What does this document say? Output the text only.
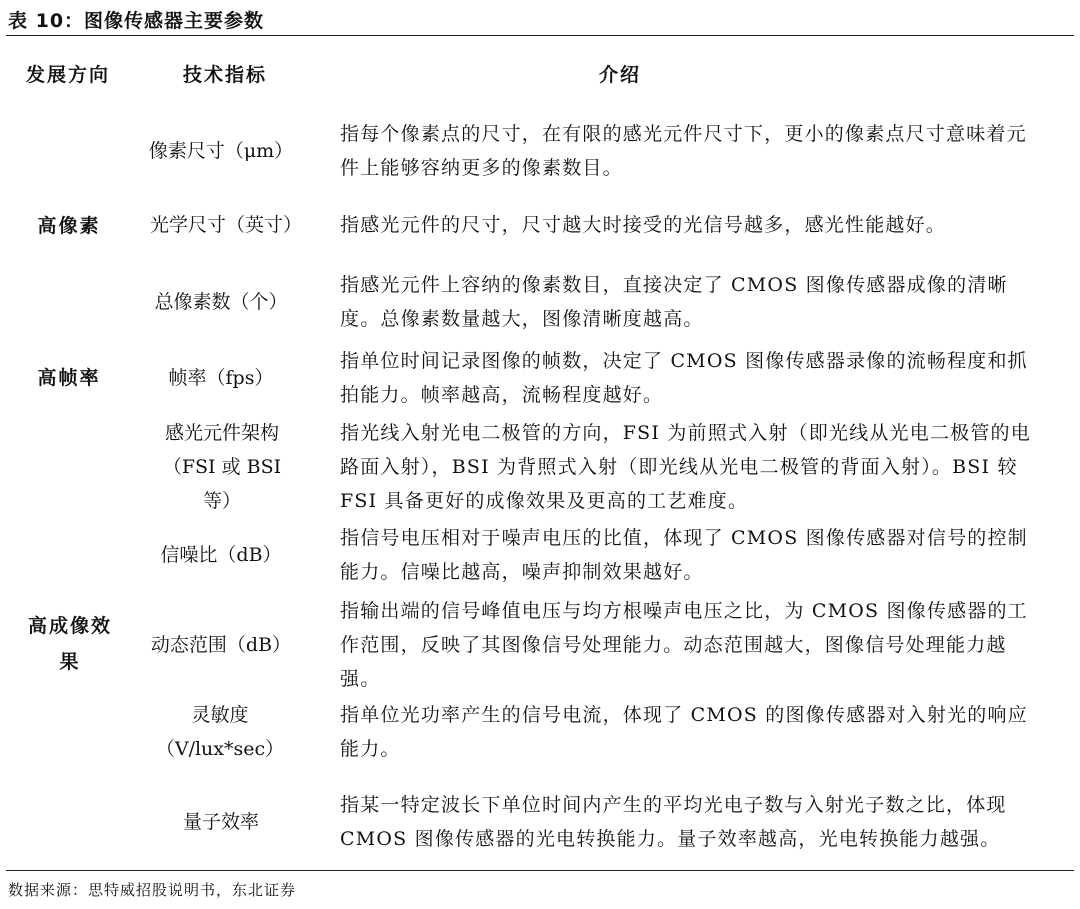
表 10：图像传感器主要参数
发展方向	技术指标	介绍
高像素
高帧率
高成像效果
像素尺寸（μm）
指每个像素点的尺寸，在有限的感光元件尺寸下，更小的像素点尺寸意味着元件上能够容纳更多的像素数目。
光学尺寸（英寸） 指感光元件的尺寸，尺寸越大时接受的光信号越多，感光性能越好。
总像素数（个）
指感光元件上容纳的像素数目，直接决定了 CMOS 图像传感器成像的清晰度。总像素数量越大，图像清晰度越高。
帧率（fps）
指单位时间记录图像的帧数，决定了 CMOS 图像传感器录像的流畅程度和抓拍能力。帧率越高，流畅程度越好。
感光元件架构（FSI 或 BSI 等）
指光线入射光电二极管的方向，FSI 为前照式入射（即光线从光电二极管的电路面入射），BSI 为背照式入射（即光线从光电二极管的背面入射）。BSI 较 FSI 具备更好的成像效果及更高的工艺难度。
信噪比（dB）
指信号电压相对于噪声电压的比值，体现了 CMOS 图像传感器对信号的控制能力。信噪比越高，噪声抑制效果越好。
动态范围（dB）
指输出端的信号峰值电压与均方根噪声电压之比，为 CMOS 图像传感器的工作范围，反映了其图像信号处理能力。动态范围越大，图像信号处理能力越强。
灵敏度（V/lux*sec）
指单位光功率产生的信号电流，体现了 CMOS 的图像传感器对入射光的响应能力。
量子效率
指某一特定波长下单位时间内产生的平均光电子数与入射光子数之比，体现 CMOS 图像传感器的光电转换能力。量子效率越高，光电转换能力越强。
数据来源：思特威招股说明书，东北证券
